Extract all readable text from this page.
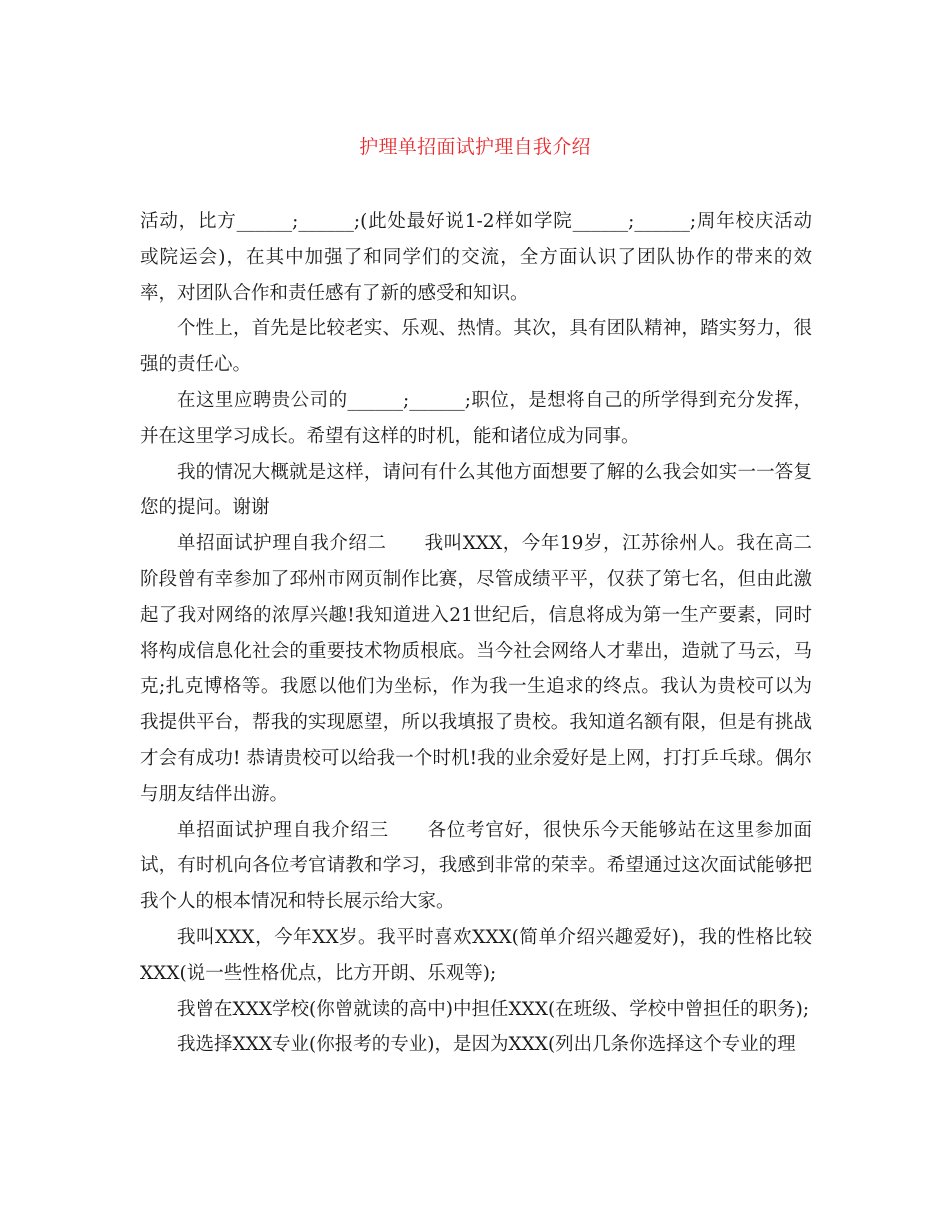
护理单招面试护理自我介绍

活动，比方______;______;(此处最好说1-2样如学院______;______;周年校庆活动或院运会)，在其中加强了和同学们的交流，全方面认识了团队协作的带来的效率，对团队合作和责任感有了新的感受和知识。

个性上，首先是比较老实、乐观、热情。其次，具有团队精神，踏实努力，很强的责任心。

在这里应聘贵公司的______;______;职位，是想将自己的所学得到充分发挥，并在这里学习成长。希望有这样的时机，能和诸位成为同事。

我的情况大概就是这样，请问有什么其他方面想要了解的么我会如实一一答复您的提问。谢谢

单招面试护理自我介绍二　　我叫XXX，今年19岁，江苏徐州人。我在高二阶段曾有幸参加了邳州市网页制作比赛，尽管成绩平平，仅获了第七名，但由此激起了我对网络的浓厚兴趣!我知道进入21世纪后，信息将成为第一生产要素，同时将构成信息化社会的重要技术物质根底。当今社会网络人才辈出，造就了马云，马克;扎克博格等。我愿以他们为坐标，作为我一生追求的终点。我认为贵校可以为我提供平台，帮我的实现愿望，所以我填报了贵校。我知道名额有限，但是有挑战才会有成功! 恭请贵校可以给我一个时机!我的业余爱好是上网，打打乒乓球。偶尔与朋友结伴出游。

单招面试护理自我介绍三　　各位考官好，很快乐今天能够站在这里参加面试，有时机向各位考官请教和学习，我感到非常的荣幸。希望通过这次面试能够把我个人的根本情况和特长展示给大家。

我叫XXX，今年XX岁。我平时喜欢XXX(简单介绍兴趣爱好)，我的性格比较XXX(说一些性格优点，比方开朗、乐观等);

我曾在XXX学校(你曾就读的高中)中担任XXX(在班级、学校中曾担任的职务);

我选择XXX专业(你报考的专业)，是因为XXX(列出几条你选择这个专业的理
